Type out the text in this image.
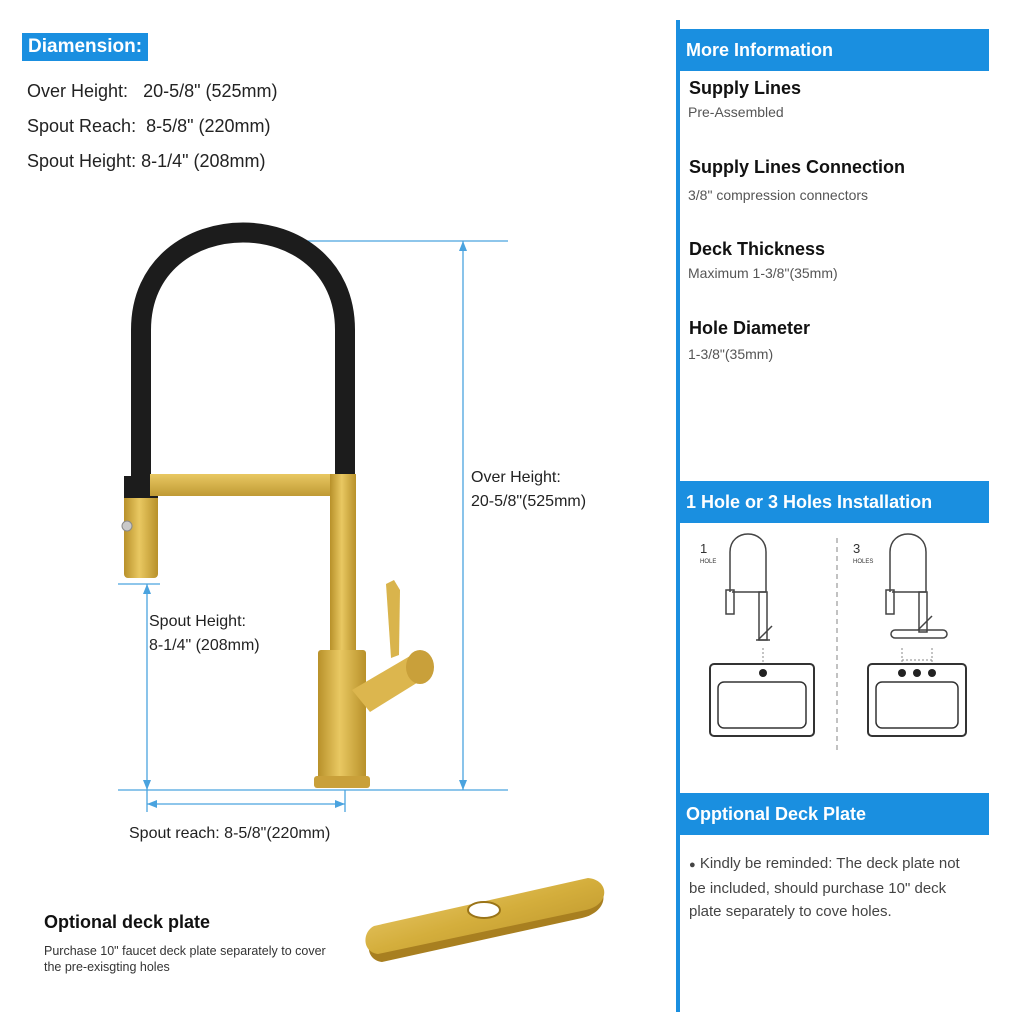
Diamension:
Over Height: 20-5/8" (525mm)
Spout Reach: 8-5/8" (220mm)
Spout Height: 8-1/4" (208mm)
Over Height:
20-5/8"(525mm)
Spout Height:
8-1/4" (208mm)
Spout reach: 8-5/8"(220mm)
Optional deck plate
Purchase 10" faucet deck plate separately to cover the pre-exisgting holes
More Information
Supply Lines
Pre-Assembled
Supply Lines Connection
3/8" compression connectors
Deck Thickness
Maximum 1-3/8"(35mm)
Hole Diameter
1-3/8"(35mm)
1 Hole or 3 Holes Installation
1
HOLE
3
HOLES
Opptional Deck Plate
● Kindly be reminded: The deck plate not be included, should purchase 10" deck plate separately to cove holes.
